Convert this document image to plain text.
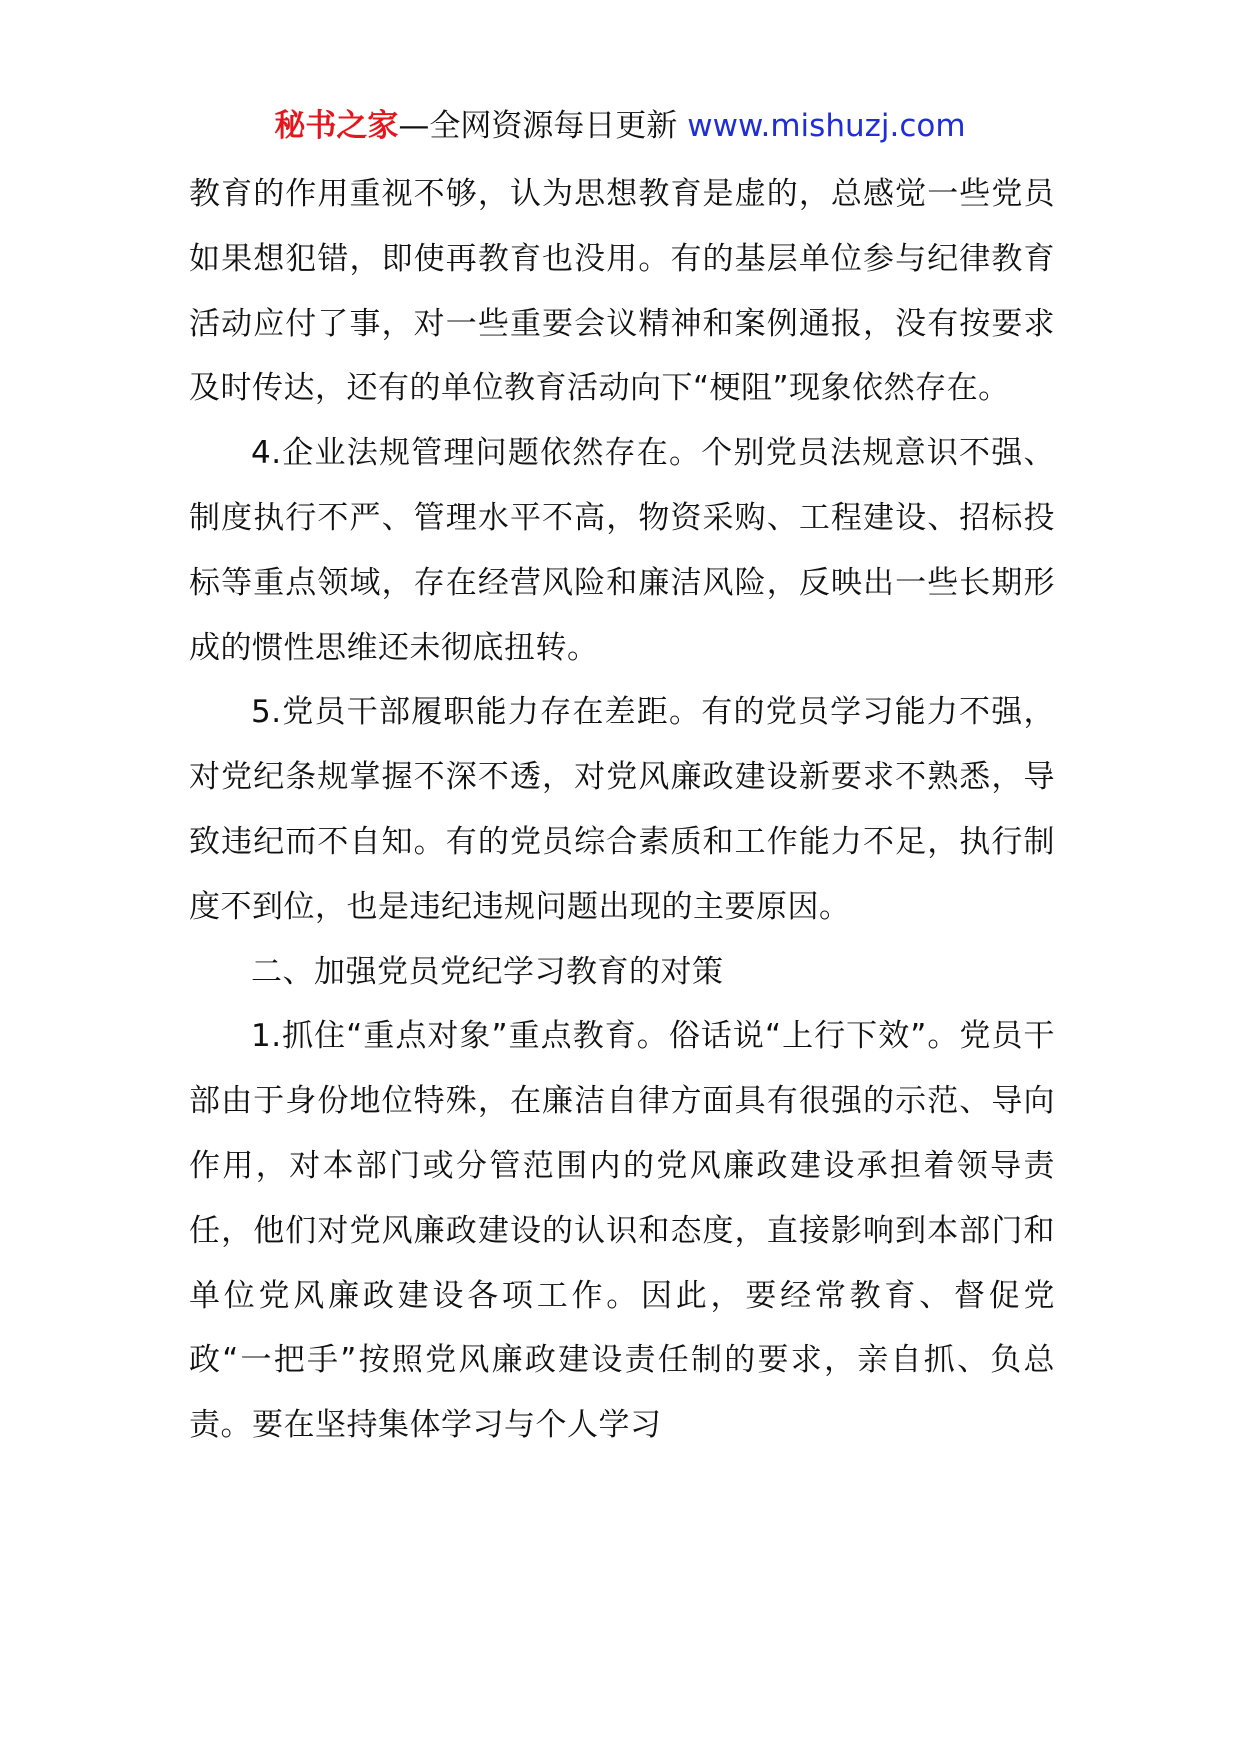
秘书之家—全网资源每日更新 www.mishuzj.com

教育的作用重视不够，认为思想教育是虚的，总感觉一些党员如果想犯错，即使再教育也没用。有的基层单位参与纪律教育活动应付了事，对一些重要会议精神和案例通报，没有按要求及时传达，还有的单位教育活动向下“梗阻”现象依然存在。

4.企业法规管理问题依然存在。个别党员法规意识不强、制度执行不严、管理水平不高，物资采购、工程建设、招标投标等重点领域，存在经营风险和廉洁风险，反映出一些长期形成的惯性思维还未彻底扭转。

5.党员干部履职能力存在差距。有的党员学习能力不强，对党纪条规掌握不深不透，对党风廉政建设新要求不熟悉，导致违纪而不自知。有的党员综合素质和工作能力不足，执行制度不到位，也是违纪违规问题出现的主要原因。

二、加强党员党纪学习教育的对策

1.抓住“重点对象”重点教育。俗话说“上行下效”。党员干部由于身份地位特殊，在廉洁自律方面具有很强的示范、导向作用，对本部门或分管范围内的党风廉政建设承担着领导责任，他们对党风廉政建设的认识和态度，直接影响到本部门和单位党风廉政建设各项工作。因此，要经常教育、督促党政“一把手”按照党风廉政建设责任制的要求，亲自抓、负总责。要在坚持集体学习与个人学习
